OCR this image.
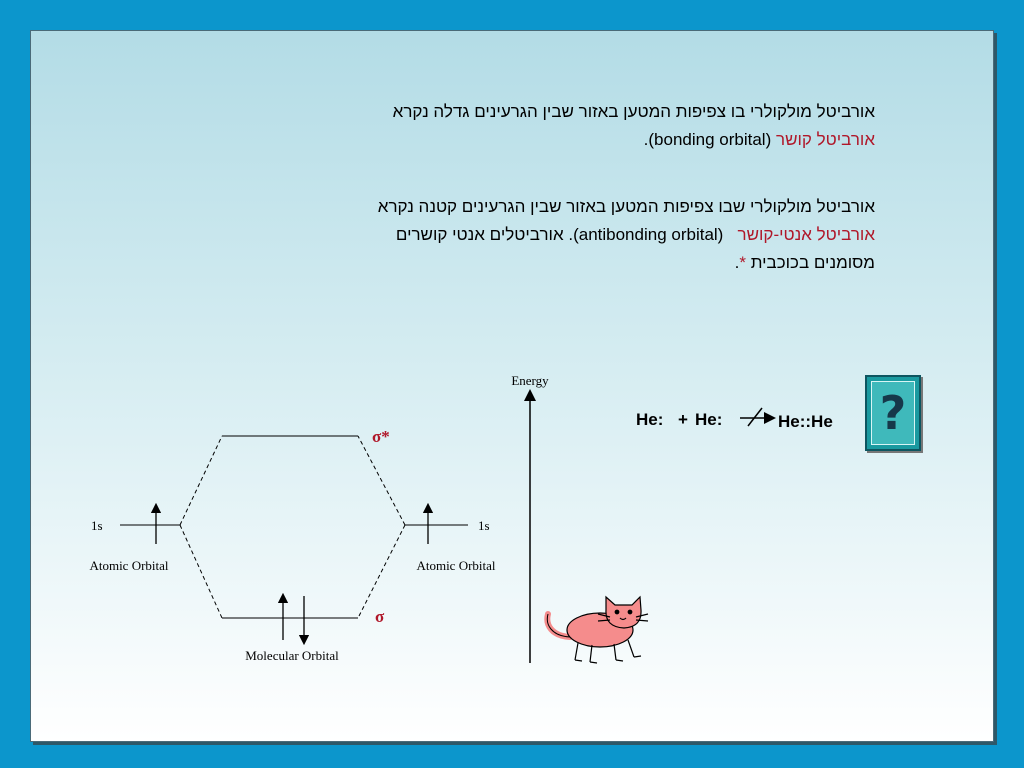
אורביטל מולקולרי בו צפיפות המטען באזור שבין הגרעינים גדלה נקרא
אורביטל קושר (bonding orbital).
אורביטל מולקולרי שבו צפיפות המטען באזור שבין הגרעינים קטנה נקרא
אורביטל אנטי-קושר   (antibonding orbital). אורביטלים אנטי קושרים
מסומנים בכוכבית *.
Energy
σ*
σ
1s
Atomic Orbital
1s
Atomic Orbital
Molecular Orbital
He: + He:	He::He ?
